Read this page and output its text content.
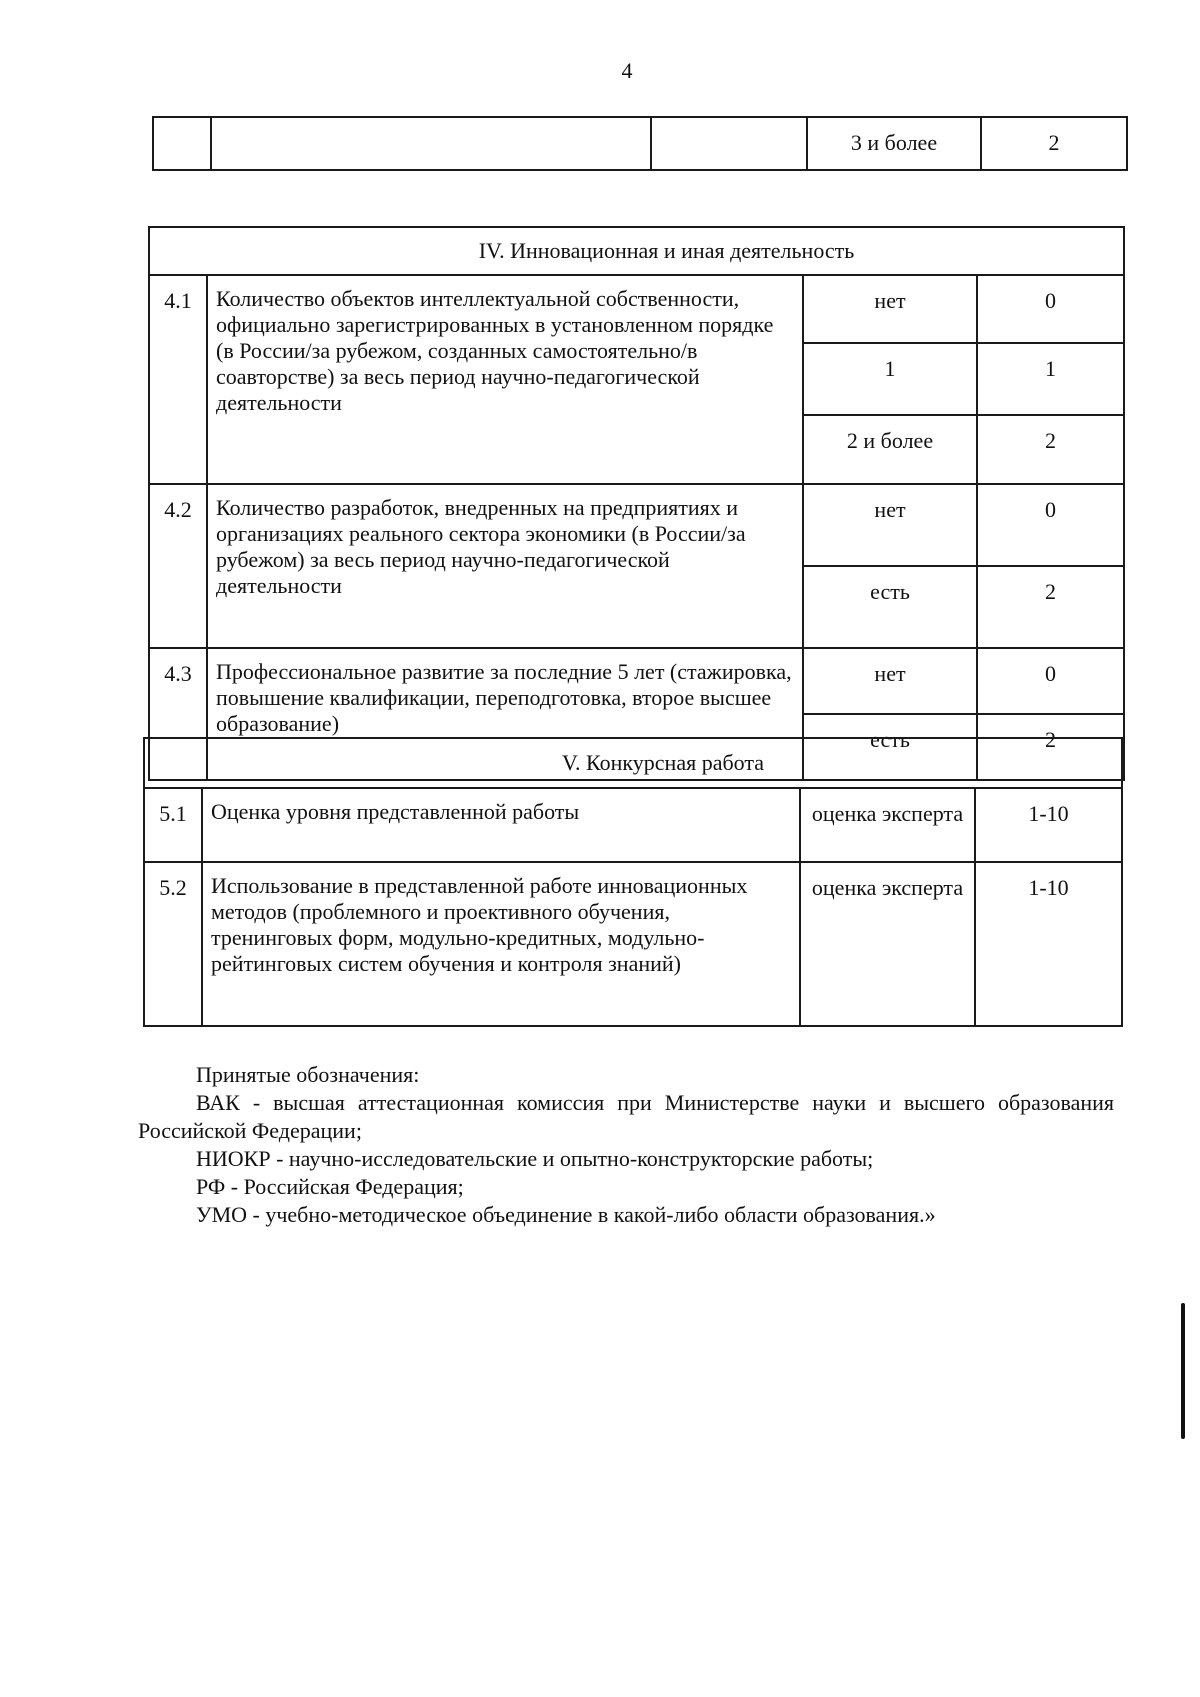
4
			3 и более	2
IV. Инновационная и иная деятельность			
4.1	Количество объектов интеллектуальной собственности, официально зарегистрированных в установленном порядке (в России/за рубежом, созданных самостоятельно/в соавторстве) за весь период научно-педагогической деятельности	нет	0
		1	1
		2 и более	2
4.2	Количество разработок, внедренных на предприятиях и организациях реального сектора экономики (в России/за рубежом) за весь период научно-педагогической деятельности	нет	0
		есть	2
4.3	Профессиональное развитие за последние 5 лет (стажировка, повышение квалификации, переподготовка, второе высшее образование)	нет	0
		есть	2
V. Конкурсная работа			
5.1	Оценка уровня представленной работы	оценка эксперта	1-10
5.2	Использование в представленной работе инновационных методов (проблемного и проективного обучения, тренинговых форм, модульно-кредитных, модульно-рейтинговых систем обучения и контроля знаний)	оценка эксперта	1-10

Принятые обозначения:

ВАК - высшая аттестационная комиссия при Министерстве науки и высшего образования Российской Федерации;

НИОКР - научно-исследовательские и опытно-конструкторские работы;

РФ - Российская Федерация;

УМО - учебно-методическое объединение в какой-либо области образования.»
